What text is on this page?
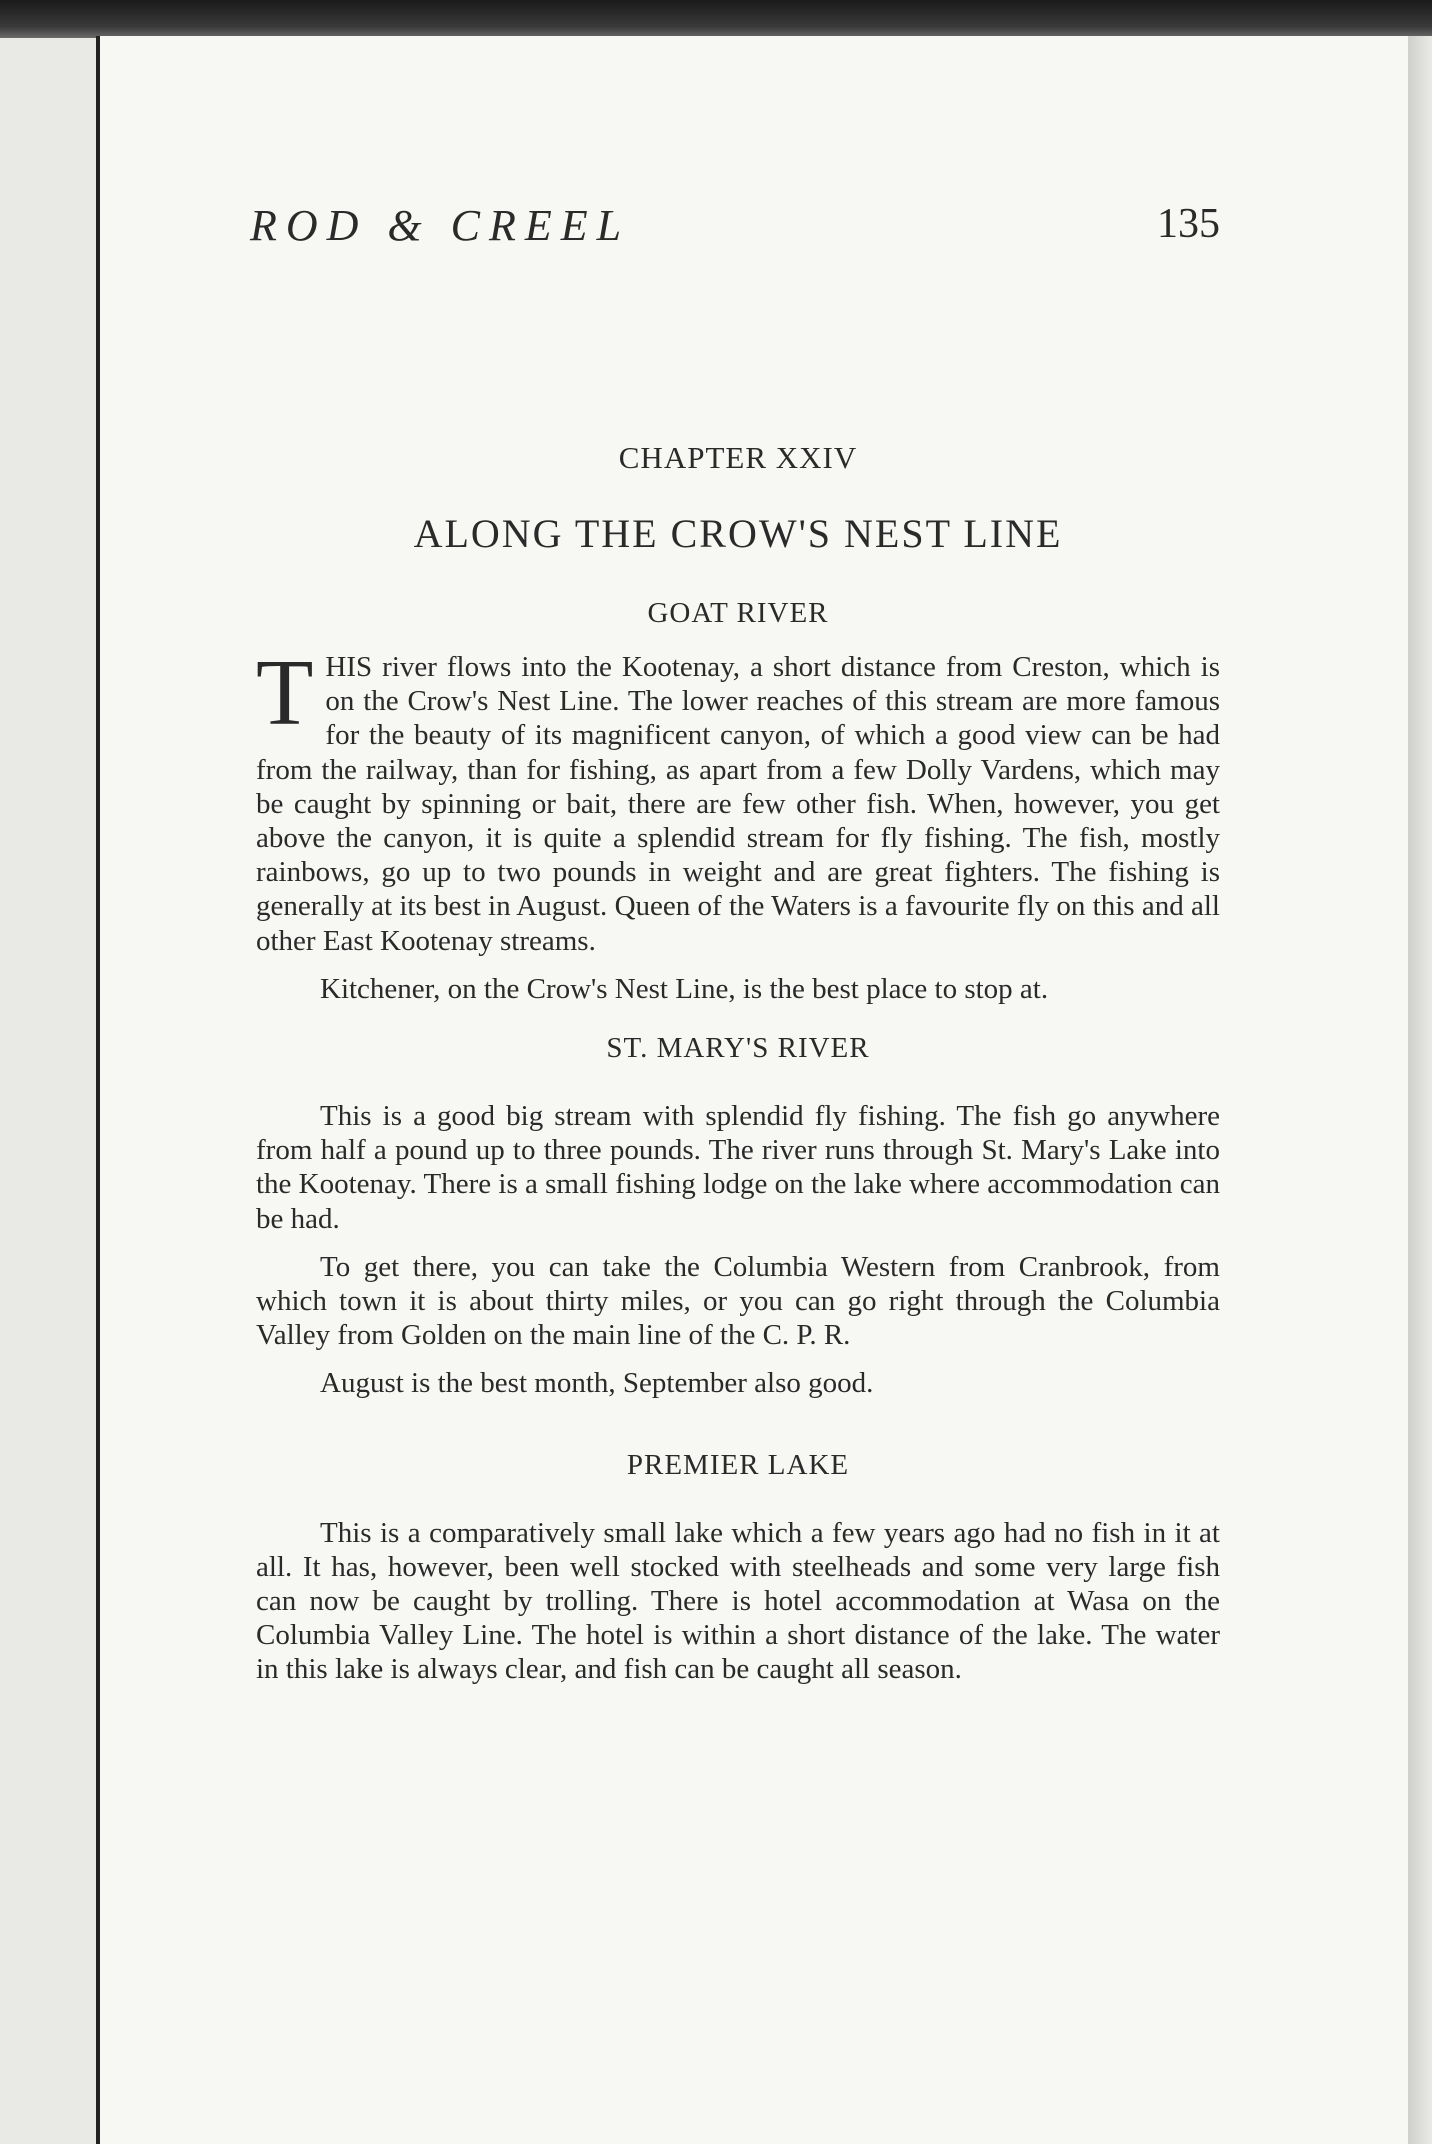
ROD & CREEL	135
CHAPTER XXIV
ALONG THE CROW'S NEST LINE
GOAT RIVER

THIS river flows into the Kootenay, a short distance from Creston, which is on the Crow's Nest Line. The lower reaches of this stream are more famous for the beauty of its magnificent canyon, of which a good view can be had from the railway, than for fishing, as apart from a few Dolly Vardens, which may be caught by spinning or bait, there are few other fish. When, however, you get above the canyon, it is quite a splendid stream for fly fishing. The fish, mostly rainbows, go up to two pounds in weight and are great fighters. The fishing is generally at its best in August. Queen of the Waters is a favourite fly on this and all other East Kootenay streams.

Kitchener, on the Crow's Nest Line, is the best place to stop at.

ST. MARY'S RIVER

This is a good big stream with splendid fly fishing. The fish go anywhere from half a pound up to three pounds. The river runs through St. Mary's Lake into the Kootenay. There is a small fishing lodge on the lake where accommodation can be had.

To get there, you can take the Columbia Western from Cranbrook, from which town it is about thirty miles, or you can go right through the Columbia Valley from Golden on the main line of the C. P. R.

August is the best month, September also good.

PREMIER LAKE

This is a comparatively small lake which a few years ago had no fish in it at all. It has, however, been well stocked with steelheads and some very large fish can now be caught by trolling. There is hotel accommodation at Wasa on the Columbia Valley Line. The hotel is within a short distance of the lake. The water in this lake is always clear, and fish can be caught all season.
